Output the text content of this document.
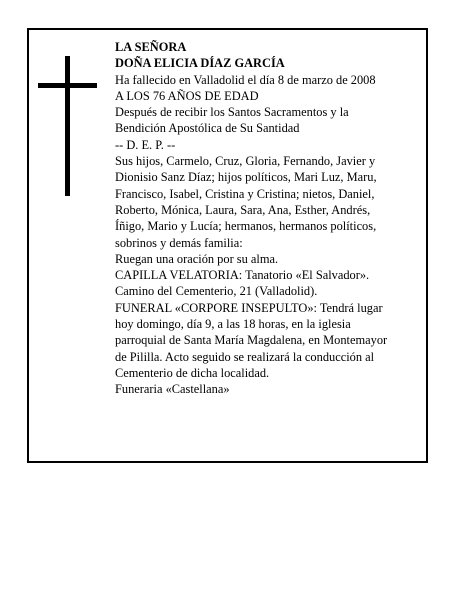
LA SEÑORA
DOÑA ELICIA DÍAZ GARCÍA
Ha fallecido en Valladolid el día 8 de marzo de 2008
A LOS 76 AÑOS DE EDAD
Después de recibir los Santos Sacramentos y la
Bendición Apostólica de Su Santidad
-- D. E. P. --
Sus hijos, Carmelo, Cruz, Gloria, Fernando, Javier y
Dionisio Sanz Díaz; hijos políticos, Mari Luz, Maru,
Francisco, Isabel, Cristina y Cristina; nietos, Daniel,
Roberto, Mónica, Laura, Sara, Ana, Esther, Andrés,
Íñigo, Mario y Lucía; hermanos, hermanos políticos,
sobrinos y demás familia:
Ruegan una oración por su alma.
CAPILLA VELATORIA: Tanatorio «El Salvador».
Camino del Cementerio, 21 (Valladolid).
FUNERAL «CORPORE INSEPULTO»: Tendrá lugar
hoy domingo, día 9, a las 18 horas, en la iglesia
parroquial de Santa María Magdalena, en Montemayor
de Pililla. Acto seguido se realizará la conducción al
Cementerio de dicha localidad.
Funeraria «Castellana»
